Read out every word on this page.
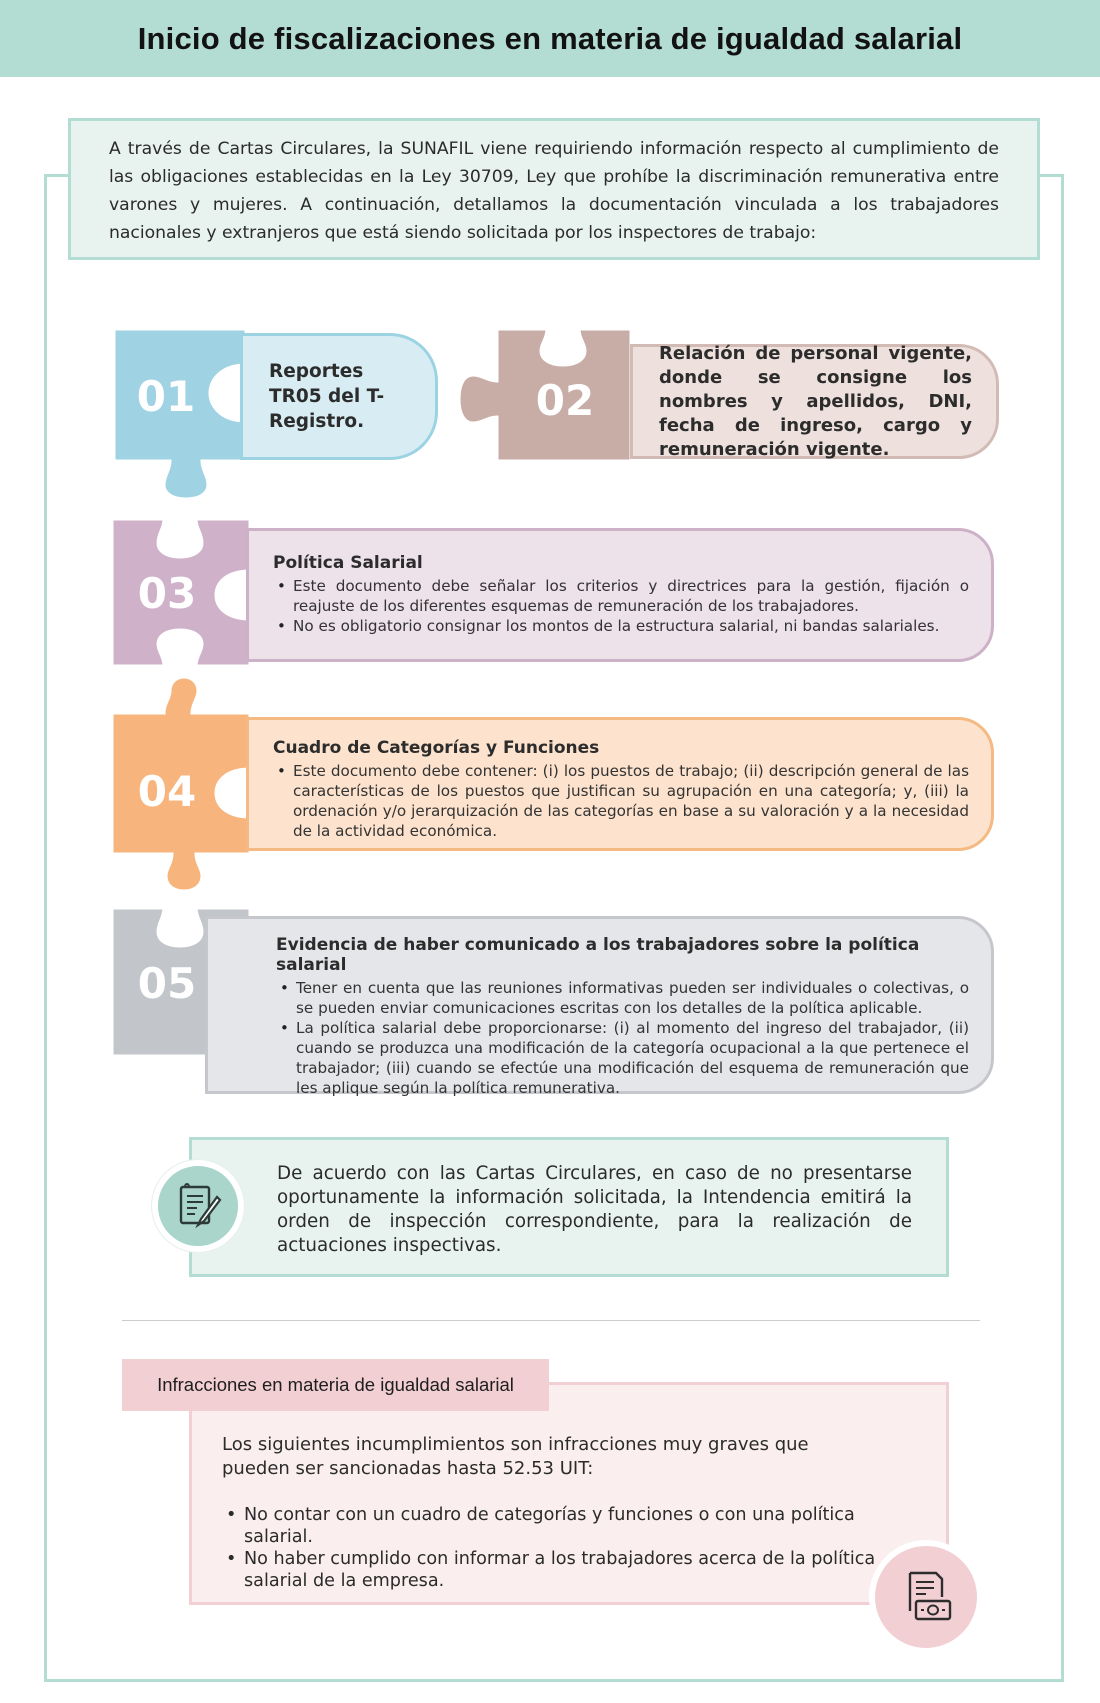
Inicio de fiscalizaciones en materia de igualdad salarial
A través de Cartas Circulares, la SUNAFIL viene requiriendo información respecto al cumplimiento de las obligaciones establecidas en la Ley 30709, Ley que prohíbe la discriminación remunerativa entre varones y mujeres. A continuación, detallamos la documentación vinculada a los trabajadores nacionales y extranjeros que está siendo solicitada por los inspectores de trabajo:
01
Reportes TR05 del T-Registro.	02
Relación de personal vigente, donde se consigne los nombres y apellidos, DNI, fecha de ingreso, cargo y remuneración vigente.
03
Política Salarial
• Este documento debe señalar los criterios y directrices para la gestión, fijación o reajuste de los diferentes esquemas de remuneración de los trabajadores.
• No es obligatorio consignar los montos de la estructura salarial, ni bandas salariales.
04
Cuadro de Categorías y Funciones
• Este documento debe contener: (i) los puestos de trabajo; (ii) descripción general de las características de los puestos que justifican su agrupación en una categoría; y, (iii) la ordenación y/o jerarquización de las categorías en base a su valoración y a la necesidad de la actividad económica.
05
Evidencia de haber comunicado a los trabajadores sobre la política salarial
• Tener en cuenta que las reuniones informativas pueden ser individuales o colectivas, o se pueden enviar comunicaciones escritas con los detalles de la política aplicable.
• La política salarial debe proporcionarse: (i) al momento del ingreso del trabajador, (ii) cuando se produzca una modificación de la categoría ocupacional a la que pertenece el trabajador; (iii) cuando se efectúe una modificación del esquema de remuneración que les aplique según la política remunerativa.
De acuerdo con las Cartas Circulares, en caso de no presentarse oportunamente la información solicitada, la Intendencia emitirá la orden de inspección correspondiente, para la realización de actuaciones inspectivas.
Los siguientes incumplimientos son infracciones muy graves que pueden ser sancionadas hasta 52.53 UIT:
• No contar con un cuadro de categorías y funciones o con una política salarial.
• No haber cumplido con informar a los trabajadores acerca de la política salarial de la empresa.
Infracciones en materia de igualdad salarial
